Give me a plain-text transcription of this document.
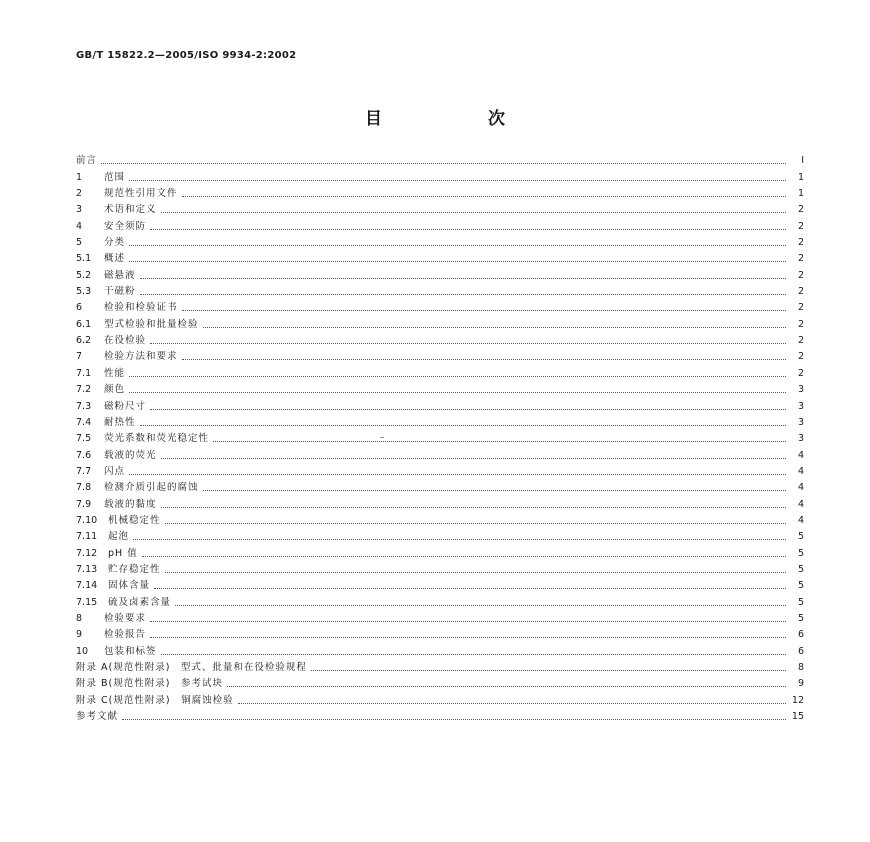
GB/T 15822.2—2005/ISO 9934-2:2002
目 次
前言	I
1	范围	1
2	规范性引用文件	1
3	术语和定义	2
4	安全须防	2
5	分类	2
5.1	概述	2
5.2	磁悬液	2
5.3	干磁粉	2
6	检验和检验证书	2
6.1	型式检验和批量检验	2
6.2	在役检验	2
7	检验方法和要求	2
7.1	性能	2
7.2	颜色	3
7.3	磁粉尺寸	3
7.4	耐热性	3
7.5	荧光系数和荧光稳定性	3
7.6	载液的荧光	4
7.7	闪点	4
7.8	检测介质引起的腐蚀	4
7.9	载液的黏度	4
7.10	机械稳定性	4
7.11	起泡	5
7.12	pH 值	5
7.13	贮存稳定性	5
7.14	固体含量	5
7.15	硫及卤素含量	5
8	检验要求	5
9	检验报告	6
10	包装和标签	6
附录 A(规范性附录)　型式、批量和在役检验规程	8
附录 B(规范性附录)　参考试块	9
附录 C(规范性附录)　铜腐蚀检验	12
参考文献	15
